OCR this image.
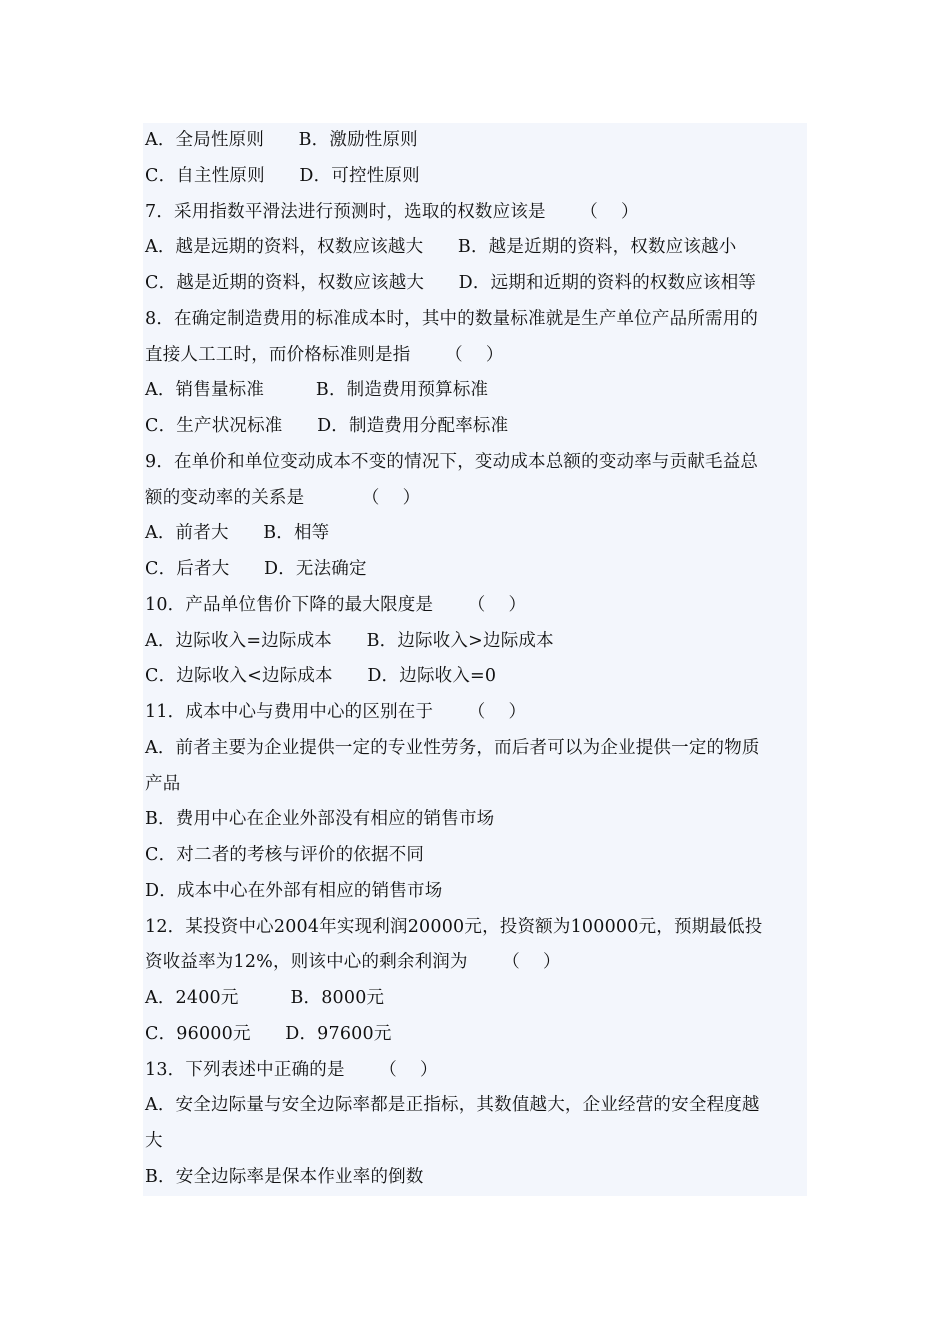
A．全局性原则      B．激励性原则
C．自主性原则      D．可控性原则
7．采用指数平滑法进行预测时，选取的权数应该是      （    ）
A．越是远期的资料，权数应该越大      B．越是近期的资料，权数应该越小
C．越是近期的资料，权数应该越大      D．远期和近期的资料的权数应该相等
8．在确定制造费用的标准成本时，其中的数量标准就是生产单位产品所需用的
直接人工工时，而价格标准则是指      （    ）
A．销售量标准         B．制造费用预算标准
C．生产状况标准      D．制造费用分配率标准
9．在单价和单位变动成本不变的情况下，变动成本总额的变动率与贡献毛益总
额的变动率的关系是          （    ）
A．前者大      B．相等
C．后者大      D．无法确定
10．产品单位售价下降的最大限度是      （    ）
A．边际收入=边际成本      B．边际收入>边际成本
C．边际收入<边际成本      D．边际收入=0
11．成本中心与费用中心的区别在于      （    ）
A．前者主要为企业提供一定的专业性劳务，而后者可以为企业提供一定的物质
产品
B．费用中心在企业外部没有相应的销售市场
C．对二者的考核与评价的依据不同
D．成本中心在外部有相应的销售市场
12．某投资中心2004年实现利润20000元，投资额为100000元，预期最低投
资收益率为12%，则该中心的剩余利润为      （    ）
A．2400元         B．8000元
C．96000元      D．97600元
13．下列表述中正确的是      （    ）
A．安全边际量与安全边际率都是正指标，其数值越大，企业经营的安全程度越
大
B．安全边际率是保本作业率的倒数
